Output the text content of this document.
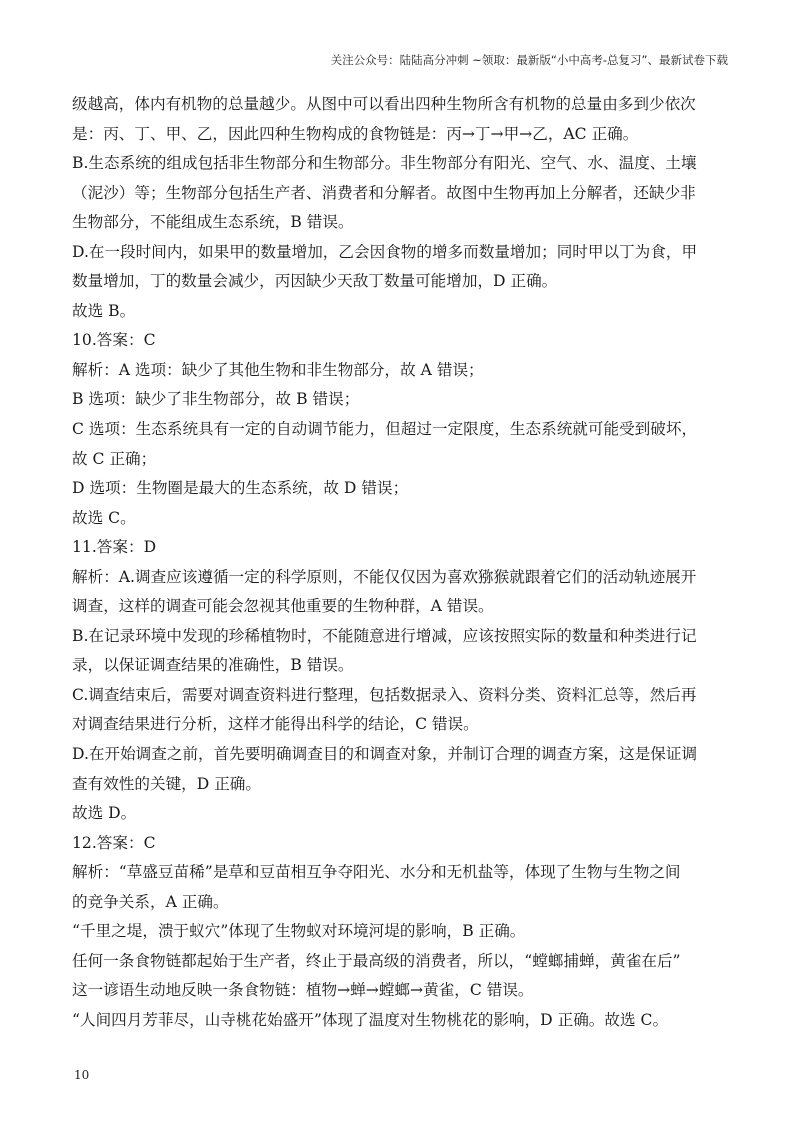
关注公众号：陆陆高分冲刺 ~领取：最新版“小中高考-总复习”、最新试卷下载
级越高，体内有机物的总量越少。从图中可以看出四种生物所含有机物的总量由多到少依次
是：丙、丁、甲、乙，因此四种生物构成的食物链是：丙→丁→甲→乙，AC 正确。
B.生态系统的组成包括非生物部分和生物部分。非生物部分有阳光、空气、水、温度、土壤
（泥沙）等；生物部分包括生产者、消费者和分解者。故图中生物再加上分解者，还缺少非
生物部分，不能组成生态系统，B 错误。
D.在一段时间内，如果甲的数量增加，乙会因食物的增多而数量增加；同时甲以丁为食，甲
数量增加，丁的数量会减少，丙因缺少天敌丁数量可能增加，D 正确。
故选 B。
10.答案：C
解析：A 选项：缺少了其他生物和非生物部分，故 A 错误；
B 选项：缺少了非生物部分，故 B 错误；
C 选项：生态系统具有一定的自动调节能力，但超过一定限度，生态系统就可能受到破坏，
故 C 正确；
D 选项：生物圈是最大的生态系统，故 D 错误；
故选 C。
11.答案：D
解析：A.调查应该遵循一定的科学原则，不能仅仅因为喜欢猕猴就跟着它们的活动轨迹展开
调查，这样的调查可能会忽视其他重要的生物种群，A 错误。
B.在记录环境中发现的珍稀植物时，不能随意进行增减，应该按照实际的数量和种类进行记
录，以保证调查结果的准确性，B 错误。
C.调查结束后，需要对调查资料进行整理，包括数据录入、资料分类、资料汇总等，然后再
对调查结果进行分析，这样才能得出科学的结论，C 错误。
D.在开始调查之前，首先要明确调查目的和调查对象，并制订合理的调查方案，这是保证调
查有效性的关键，D 正确。
故选 D。
12.答案：C
解析：“草盛豆苗稀”是草和豆苗相互争夺阳光、水分和无机盐等，体现了生物与生物之间
的竞争关系，A 正确。
“千里之堤，溃于蚁穴”体现了生物蚁对环境河堤的影响，B 正确。
任何一条食物链都起始于生产者，终止于最高级的消费者，所以，“螳螂捕蝉，黄雀在后”
这一谚语生动地反映一条食物链：植物→蝉→螳螂→黄雀，C 错误。
“人间四月芳菲尽，山寺桃花始盛开”体现了温度对生物桃花的影响，D 正确。故选 C。
10
